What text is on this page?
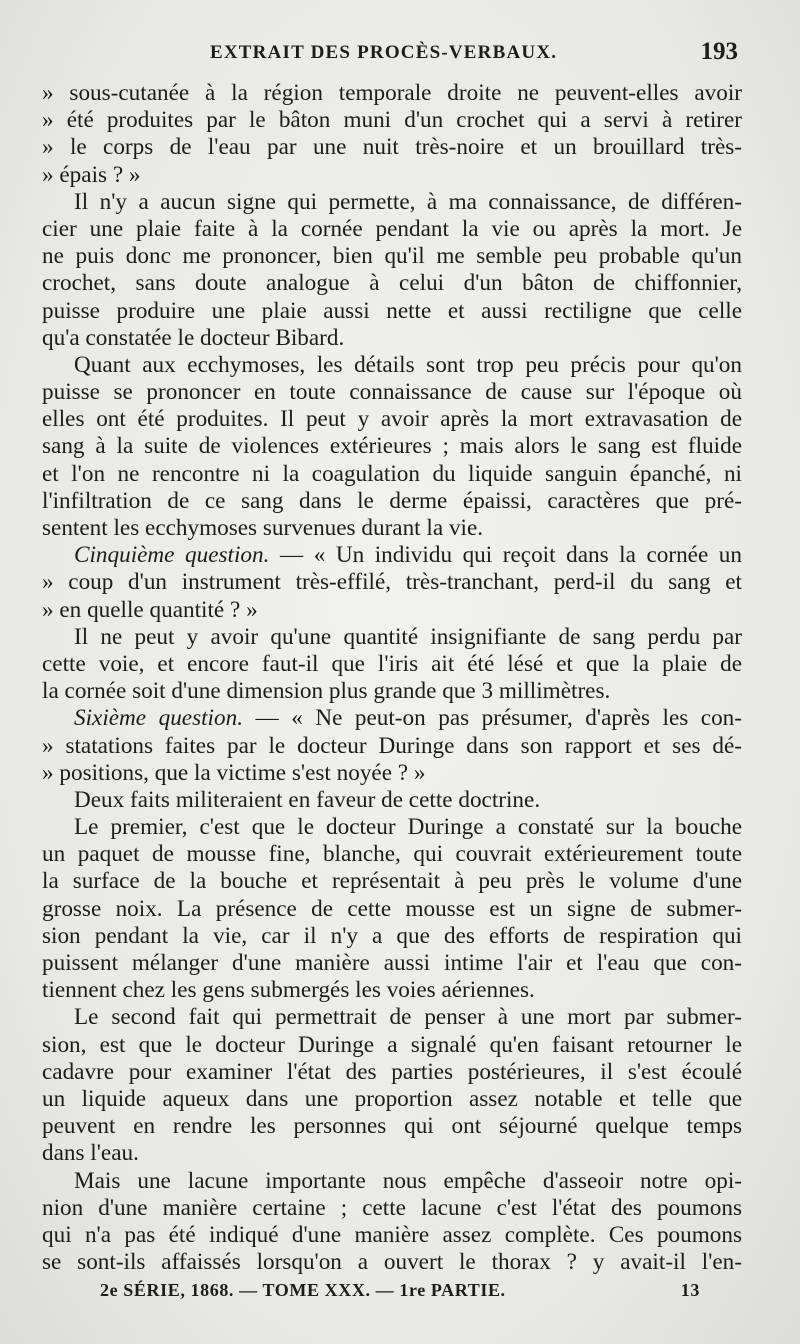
EXTRAIT DES PROCÈS-VERBAUX.	193
» sous-cutanée à la région temporale droite ne peuvent-elles avoir
» été produites par le bâton muni d'un crochet qui a servi à retirer
» le corps de l'eau par une nuit très-noire et un brouillard très-
» épais ? »
Il n'y a aucun signe qui permette, à ma connaissance, de différen-
cier une plaie faite à la cornée pendant la vie ou après la mort. Je
ne puis donc me prononcer, bien qu'il me semble peu probable qu'un
crochet, sans doute analogue à celui d'un bâton de chiffonnier,
puisse produire une plaie aussi nette et aussi rectiligne que celle
qu'a constatée le docteur Bibard.
Quant aux ecchymoses, les détails sont trop peu précis pour qu'on
puisse se prononcer en toute connaissance de cause sur l'époque où
elles ont été produites. Il peut y avoir après la mort extravasation de
sang à la suite de violences extérieures ; mais alors le sang est fluide
et l'on ne rencontre ni la coagulation du liquide sanguin épanché, ni
l'infiltration de ce sang dans le derme épaissi, caractères que pré-
sentent les ecchymoses survenues durant la vie.
Cinquième question. — « Un individu qui reçoit dans la cornée un
» coup d'un instrument très-effilé, très-tranchant, perd-il du sang et
» en quelle quantité ? »
Il ne peut y avoir qu'une quantité insignifiante de sang perdu par
cette voie, et encore faut-il que l'iris ait été lésé et que la plaie de
la cornée soit d'une dimension plus grande que 3 millimètres.
Sixième question. — « Ne peut-on pas présumer, d'après les con-
» statations faites par le docteur Duringe dans son rapport et ses dé-
» positions, que la victime s'est noyée ? »
Deux faits militeraient en faveur de cette doctrine.
Le premier, c'est que le docteur Duringe a constaté sur la bouche
un paquet de mousse fine, blanche, qui couvrait extérieurement toute
la surface de la bouche et représentait à peu près le volume d'une
grosse noix. La présence de cette mousse est un signe de submer-
sion pendant la vie, car il n'y a que des efforts de respiration qui
puissent mélanger d'une manière aussi intime l'air et l'eau que con-
tiennent chez les gens submergés les voies aériennes.
Le second fait qui permettrait de penser à une mort par submer-
sion, est que le docteur Duringe a signalé qu'en faisant retourner le
cadavre pour examiner l'état des parties postérieures, il s'est écoulé
un liquide aqueux dans une proportion assez notable et telle que
peuvent en rendre les personnes qui ont séjourné quelque temps
dans l'eau.
Mais une lacune importante nous empêche d'asseoir notre opi-
nion d'une manière certaine ; cette lacune c'est l'état des poumons
qui n'a pas été indiqué d'une manière assez complète. Ces poumons
se sont-ils affaissés lorsqu'on a ouvert le thorax ? y avait-il l'en-
2e SÉRIE, 1868. — TOME XXX. — 1re PARTIE.	13
